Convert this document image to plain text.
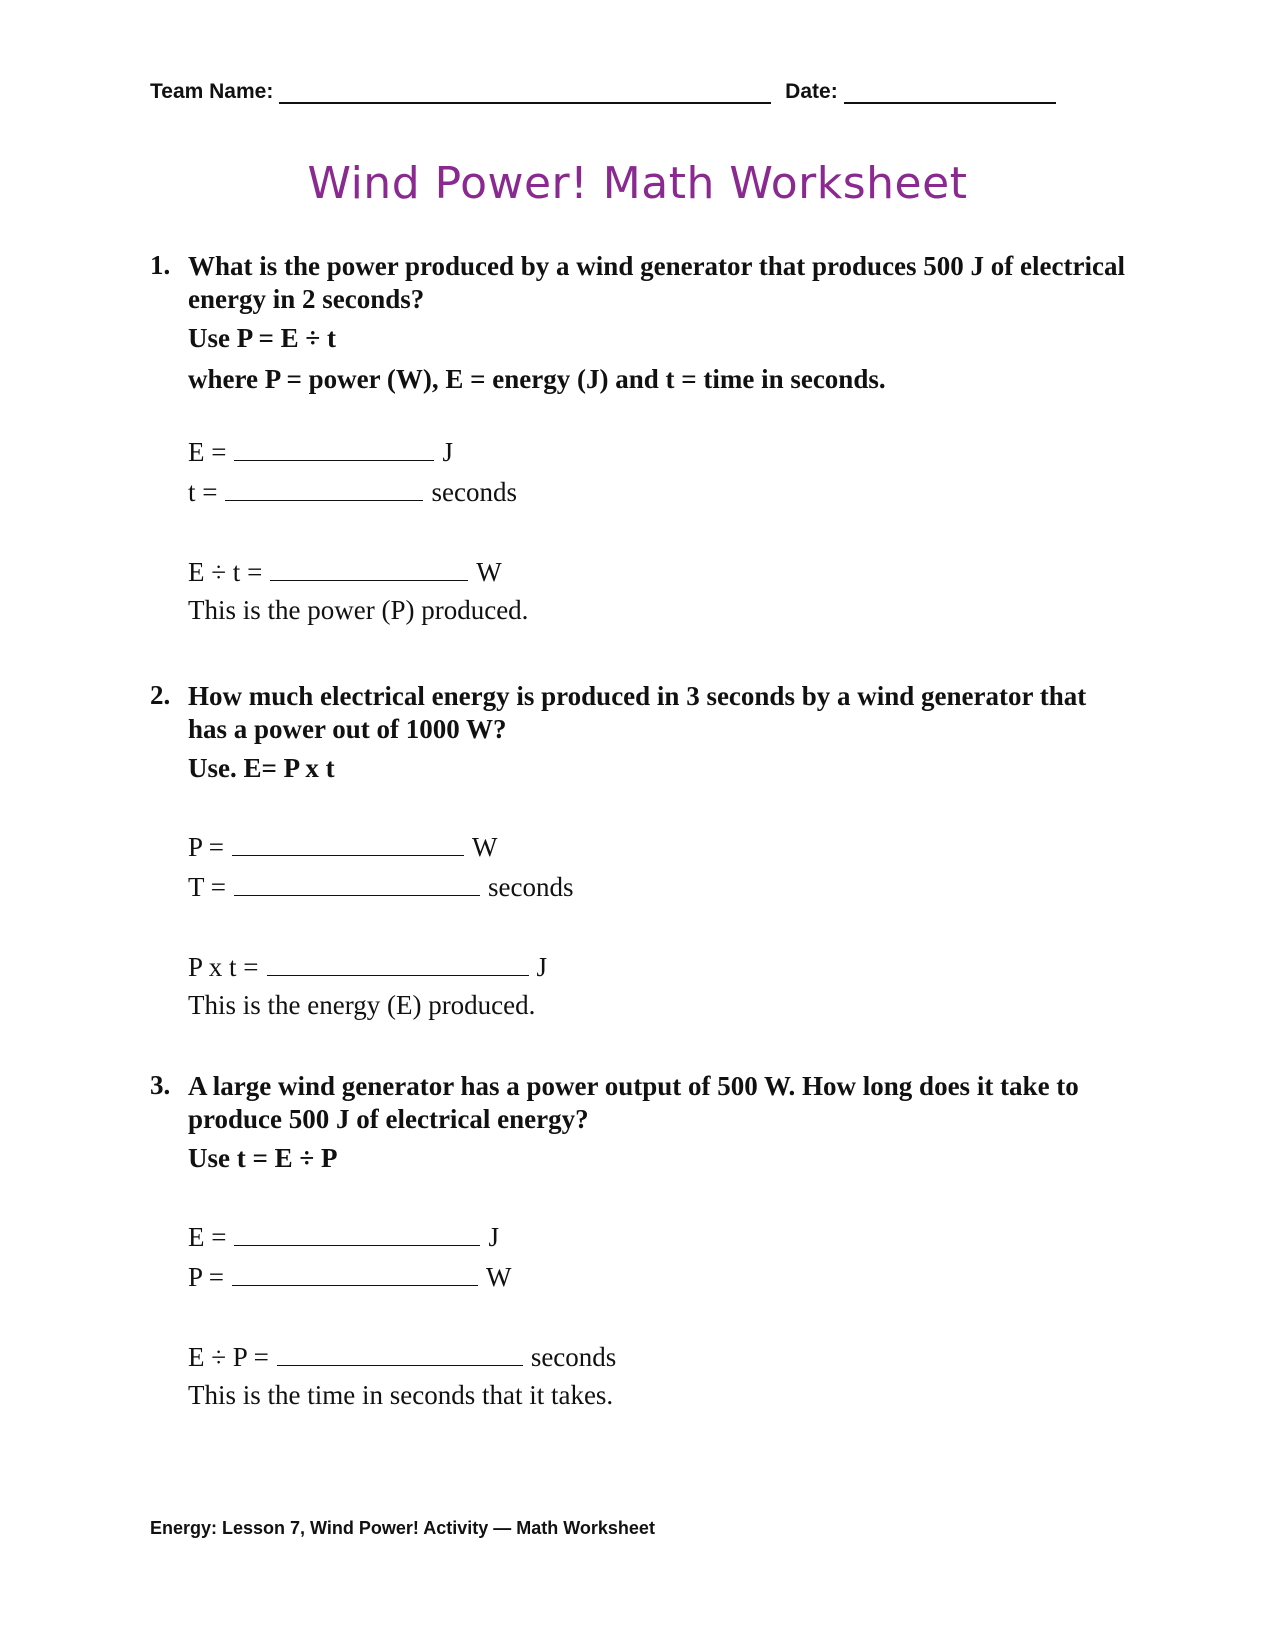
Team Name:	Date:
Wind Power! Math Worksheet
1. What is the power produced by a wind generator that produces 500 J of electrical energy in 2 seconds?
Use P = E ÷ t
where P = power (W), E = energy (J) and t = time in seconds.
E =	J
t =	seconds
E ÷ t =	W
This is the power (P) produced.
2. How much electrical energy is produced in 3 seconds by a wind generator that has a power out of 1000 W?
Use. E= P x t
P =	W
T =	seconds
P x t =	J
This is the energy (E) produced.
3. A large wind generator has a power output of 500 W. How long does it take to produce 500 J of electrical energy?
Use t = E ÷ P
E =	J
P =	W
E ÷ P =	seconds
This is the time in seconds that it takes.
Energy: Lesson 7, Wind Power! Activity — Math Worksheet
